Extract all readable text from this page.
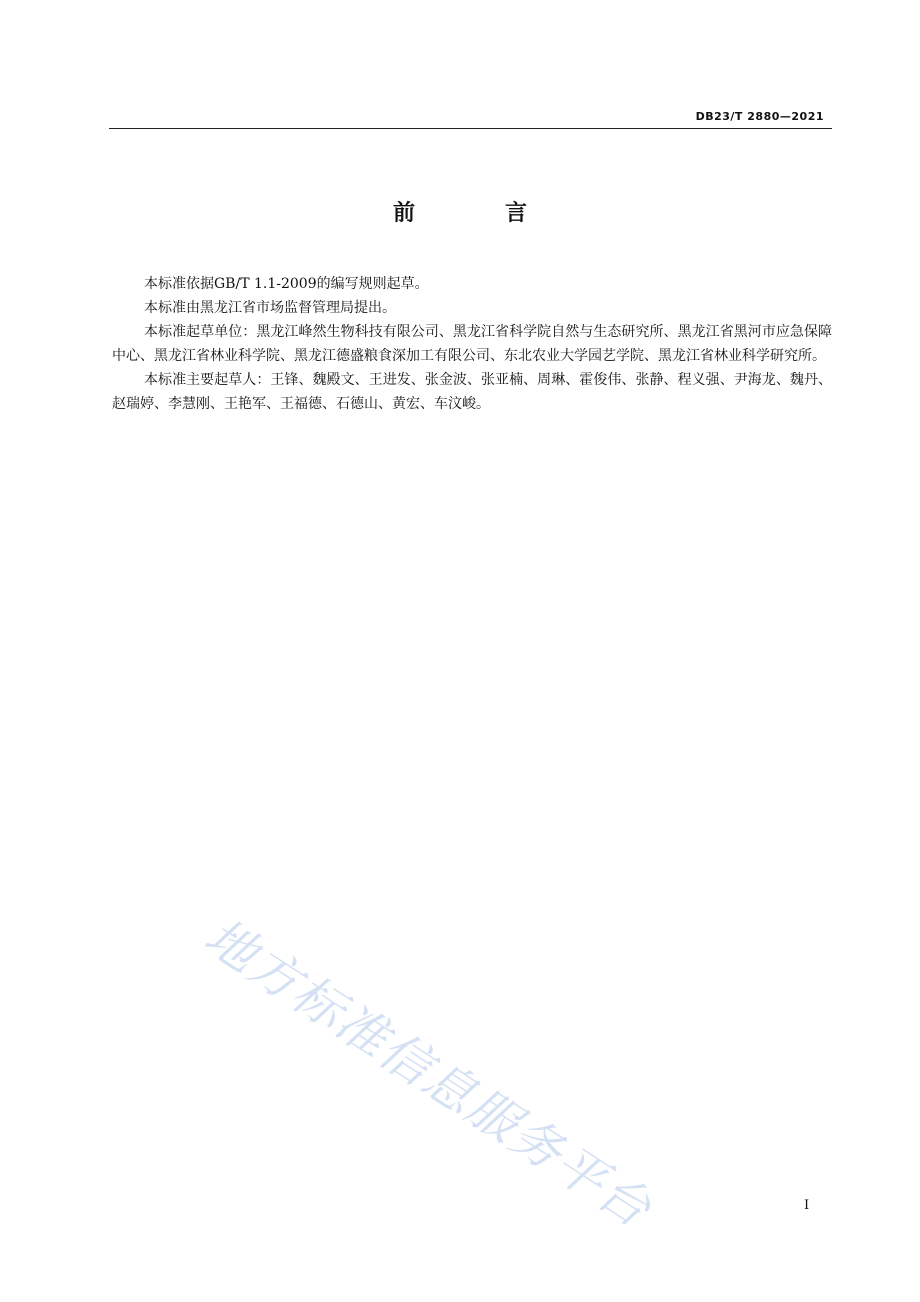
DB23/T 2880—2021
前　言

本标准依据GB/T 1.1-2009的编写规则起草。

本标准由黑龙江省市场监督管理局提出。

本标准起草单位：黑龙江峰然生物科技有限公司、黑龙江省科学院自然与生态研究所、黑龙江省黑河市应急保障中心、黑龙江省林业科学院、黑龙江德盛粮食深加工有限公司、东北农业大学园艺学院、黑龙江省林业科学研究所。

本标准主要起草人：王锋、魏殿文、王进发、张金波、张亚楠、周琳、霍俊伟、张静、程义强、尹海龙、魏丹、赵瑞婷、李慧刚、王艳军、王福德、石德山、黄宏、车汶峻。

地方标准信息服务平台	I
